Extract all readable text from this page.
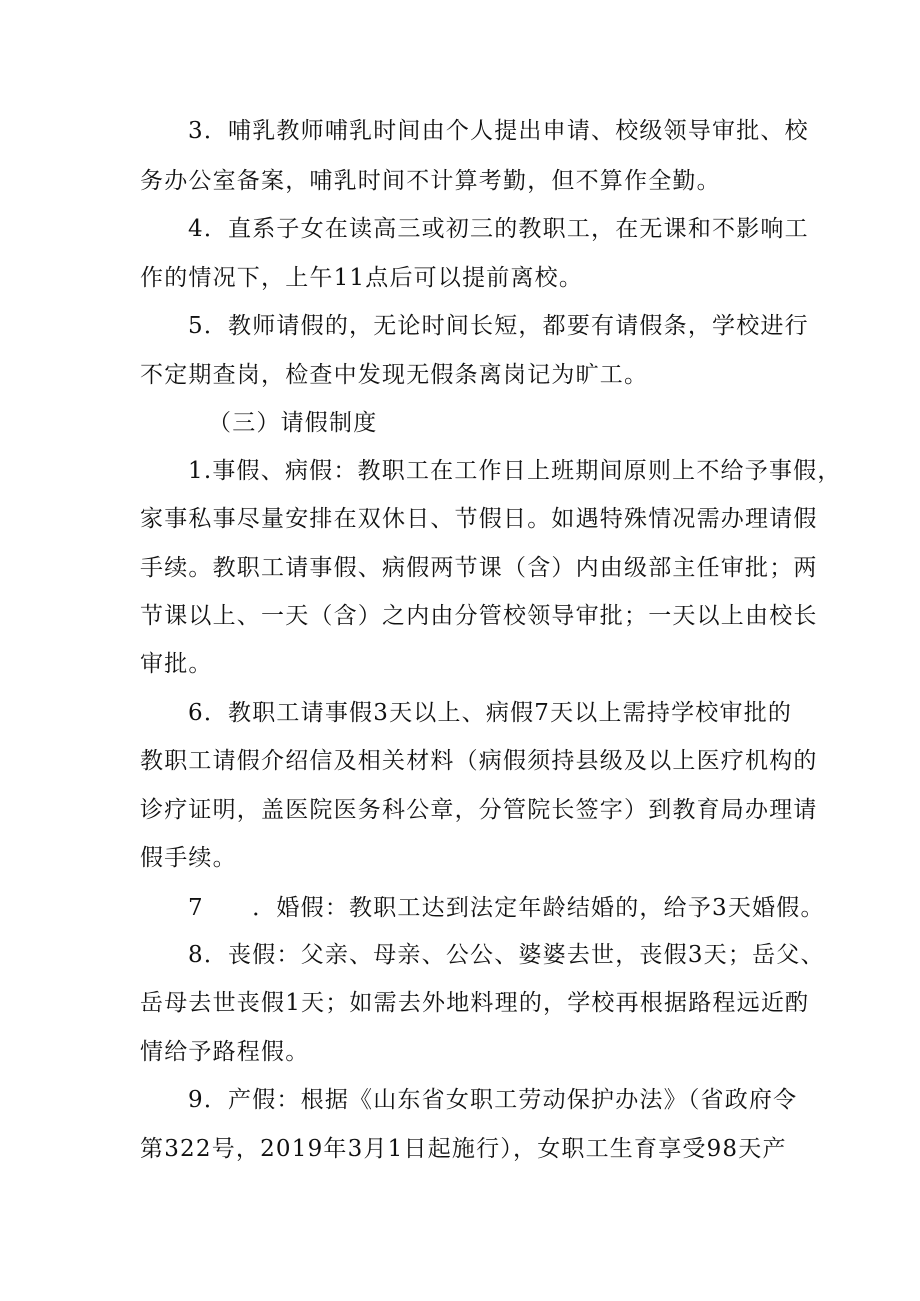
3．哺乳教师哺乳时间由个人提出申请、校级领导审批、校
务办公室备案，哺乳时间不计算考勤，但不算作全勤。
4．直系子女在读高三或初三的教职工，在无课和不影响工
作的情况下，上午11点后可以提前离校。
5．教师请假的，无论时间长短，都要有请假条，学校进行
不定期查岗，检查中发现无假条离岗记为旷工。
（三）请假制度
1.事假、病假：教职工在工作日上班期间原则上不给予事假，
家事私事尽量安排在双休日、节假日。如遇特殊情况需办理请假
手续。教职工请事假、病假两节课（含）内由级部主任审批；两
节课以上、一天（含）之内由分管校领导审批；一天以上由校长
审批。
6．教职工请事假3天以上、病假7天以上需持学校审批的
教职工请假介绍信及相关材料（病假须持县级及以上医疗机构的
诊疗证明，盖医院医务科公章，分管院长签字）到教育局办理请
假手续。
7　　．婚假：教职工达到法定年龄结婚的，给予3天婚假。
8．丧假：父亲、母亲、公公、婆婆去世，丧假3天；岳父、
岳母去世丧假1天；如需去外地料理的，学校再根据路程远近酌
情给予路程假。
9．产假：根据《山东省女职工劳动保护办法》（省政府令
第322号，2019年3月1日起施行），女职工生育享受98天产
